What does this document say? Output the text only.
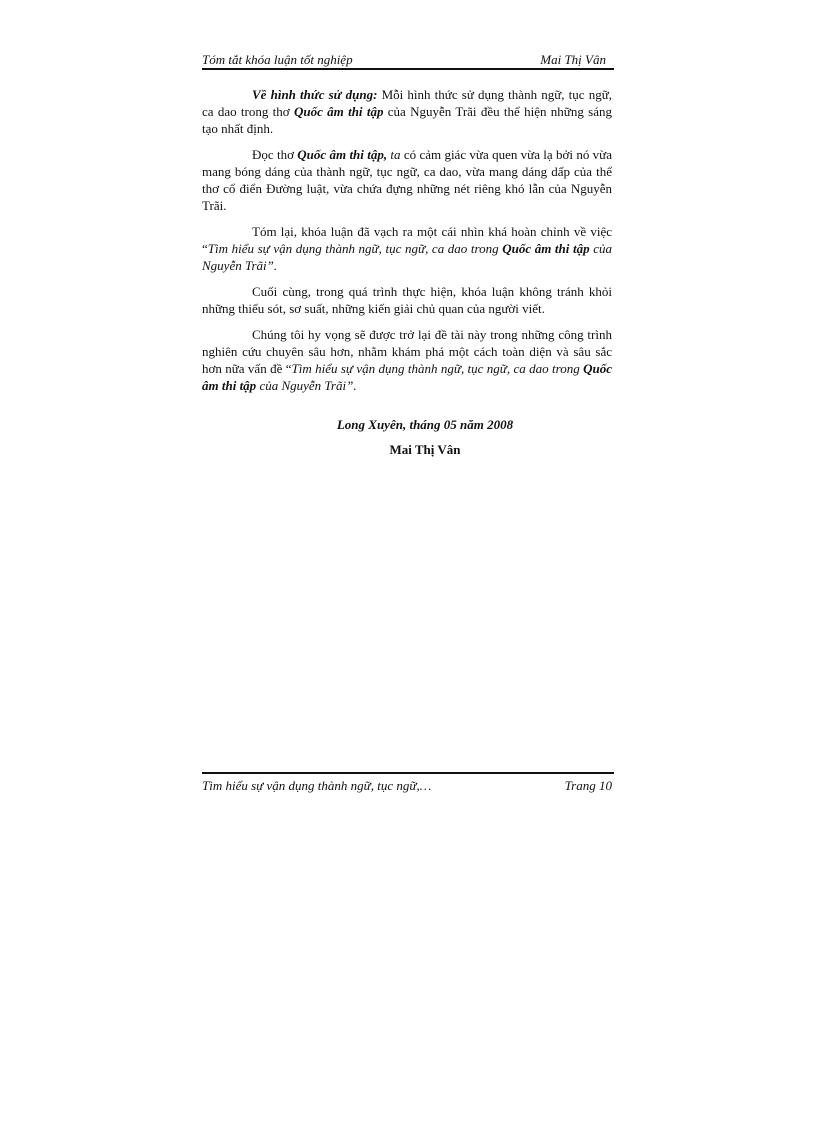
Tóm tắt khóa luận tốt nghiệp	Mai Thị Vân

Về hình thức sử dụng: Mỗi hình thức sử dụng thành ngữ, tục ngữ, ca dao trong thơ Quốc âm thi tập của Nguyễn Trãi đều thể hiện những sáng tạo nhất định.

Đọc thơ Quốc âm thi tập, ta có cảm giác vừa quen vừa lạ bởi nó vừa mang bóng dáng của thành ngữ, tục ngữ, ca dao, vừa mang dáng dấp của thể thơ cổ điển Đường luật, vừa chứa đựng những nét riêng khó lẫn của Nguyễn Trãi.

Tóm lại, khóa luận đã vạch ra một cái nhìn khá hoàn chỉnh về việc “Tìm hiểu sự vận dụng thành ngữ, tục ngữ, ca dao trong Quốc âm thi tập của Nguyễn Trãi”.

Cuối cùng, trong quá trình thực hiện, khóa luận không tránh khỏi những thiếu sót, sơ suất, những kiến giải chủ quan của người viết.

Chúng tôi hy vọng sẽ được trở lại đề tài này trong những công trình nghiên cứu chuyên sâu hơn, nhằm khám phá một cách toàn diện và sâu sắc hơn nữa vấn đề “Tìm hiểu sự vận dụng thành ngữ, tục ngữ, ca dao trong Quốc âm thi tập của Nguyễn Trãi”.

Long Xuyên, tháng 05 năm 2008
Mai Thị Vân
Tìm hiểu sự vận dụng thành ngữ, tục ngữ,…	Trang 10
